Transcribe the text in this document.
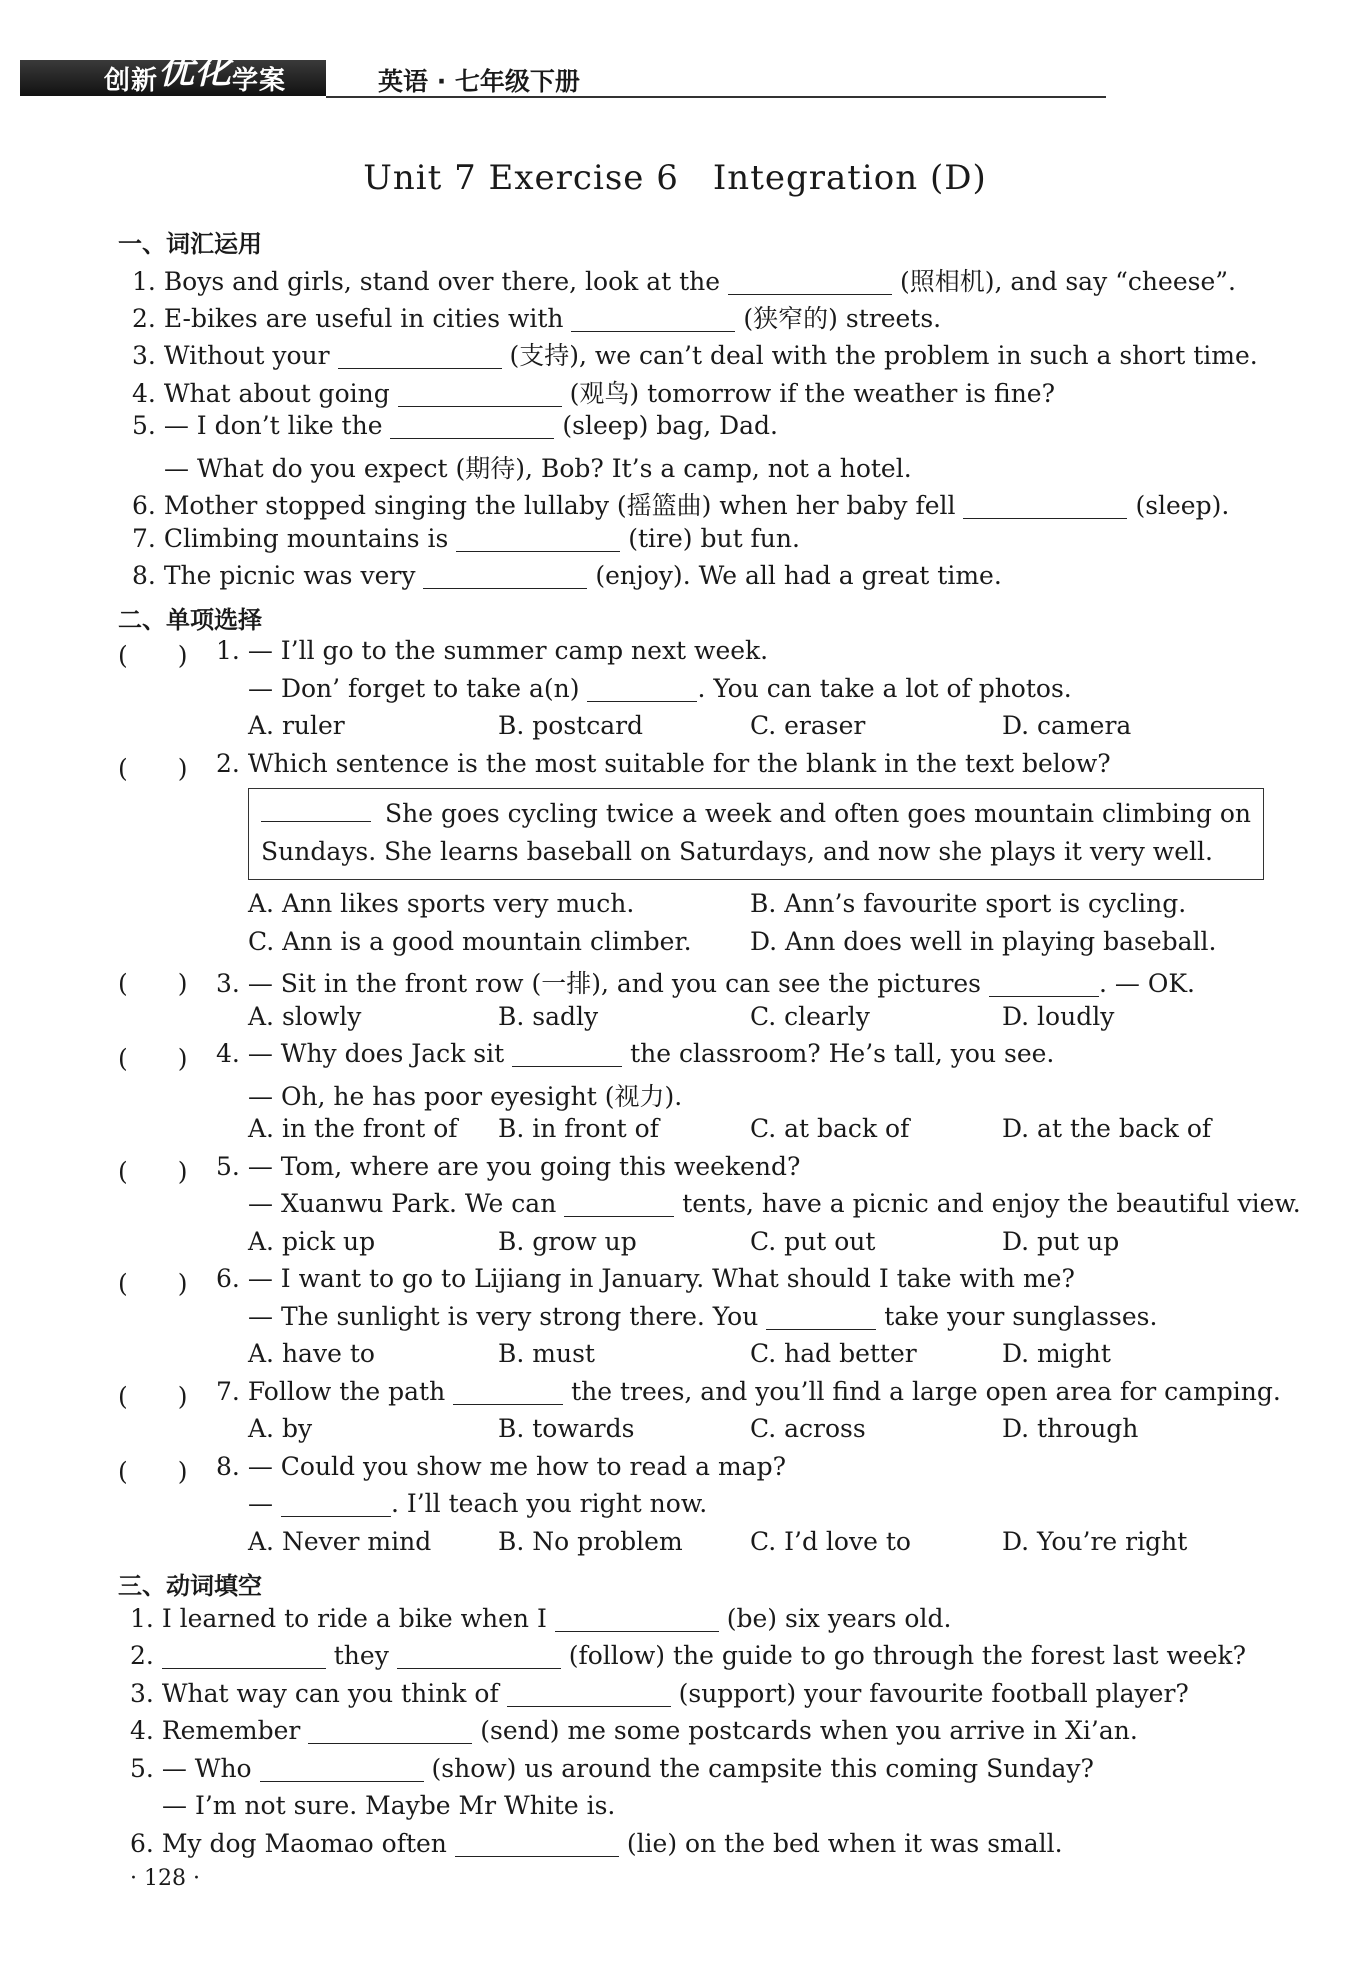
创新优化学案	英语 · 七年级下册
Unit 7 Exercise 6 Integration (D)
一、词汇运用
1. Boys and girls, stand over there, look at the	(照相机), and say “cheese”.
2. E-bikes are useful in cities with	(狭窄的) streets.
3. Without your	(支持), we can’t deal with the problem in such a short time.
4. What about going	(观鸟) tomorrow if the weather is fine?
5. — I don’t like the	(sleep) bag, Dad.
— What do you expect (期待), Bob? It’s a camp, not a hotel.
6. Mother stopped singing the lullaby (摇篮曲) when her baby fell	(sleep).
7. Climbing mountains is	(tire) but fun.
8. The picnic was very	(enjoy). We all had a great time.
二、单项选择
(　　) 1. — I’ll go to the summer camp next week.
— Don’ forget to take a(n)	. You can take a lot of photos.
A. ruler	B. postcard	C. eraser	D. camera
(　　) 2. Which sentence is the most suitable for the blank in the text below?
She goes cycling twice a week and often goes mountain climbing on
Sundays. She learns baseball on Saturdays, and now she plays it very well.
A. Ann likes sports very much.	B. Ann’s favourite sport is cycling.
C. Ann is a good mountain climber. D. Ann does well in playing baseball.
(　　) 3. — Sit in the front row (一排), and you can see the pictures	. — OK.
A. slowly	B. sadly	C. clearly	D. loudly
(　　) 4. — Why does Jack sit	the classroom? He’s tall, you see.
— Oh, he has poor eyesight (视力).
A. in the front of B. in front of	C. at back of	D. at the back of
(　　) 5. — Tom, where are you going this weekend?
— Xuanwu Park. We can	tents, have a picnic and enjoy the beautiful view.
A. pick up	B. grow up	C. put out	D. put up
(　　) 6. — I want to go to Lijiang in January. What should I take with me?
— The sunlight is very strong there. You	take your sunglasses.
A. have to	B. must	C. had better	D. might
(　　) 7. Follow the path	the trees, and you’ll find a large open area for camping.
A. by	B. towards	C. across	D. through
(　　) 8. — Could you show me how to read a map?
—	. I’ll teach you right now.
A. Never mind	B. No problem	C. I’d love to	D. You’re right
三、动词填空
1. I learned to ride a bike when I	(be) six years old.
2.	they	(follow) the guide to go through the forest last week?
3. What way can you think of	(support) your favourite football player?
4. Remember	(send) me some postcards when you arrive in Xi’an.
5. — Who	(show) us around the campsite this coming Sunday?
— I’m not sure. Maybe Mr White is.
6. My dog Maomao often	(lie) on the bed when it was small.
· 128 ·
